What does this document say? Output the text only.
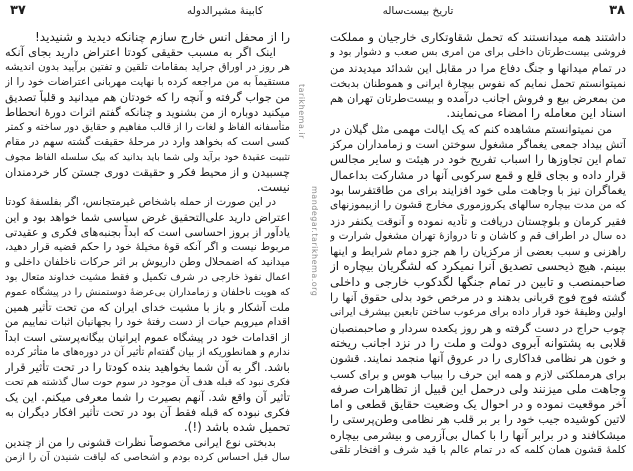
۳۷	کابینهٔ مشیرالدوله
را از محفل انس خارج سازم چنانکه دیدید و شنیدید!
اینک اگر به مسبب حقیقی کودتا اعتراض دارید بجای آنکه
هر روز در اوراق جراید بمقامات تلقین و تفتین برآیید بدون اندیشه
مستقیماً به من مراجعه کرده با نهایت مهربانی اعتراضات خود را از
من جواب گرفته و آنچه را که خودتان هم میدانید و قلباً تصدیق
میکنید دوباره از من بشنوید و چنانکه گفتم اثرات دورهٔ انحطاط
متأسفانه الفاظ و لغات را از قالب مفاهیم و حقایق دور ساخته و کمتر
کسی است که بخواهد وارد در مرحلهٔ حقیقت گشته سهم در مقام
تثبیت عقیدهٔ خود برآید ولی شما باید بدانید که بیک سلسله الفاظ مجوف
چسبیدن و از محیط فکر و حقیقت دوری جستن کار خردمندان
نیست.
در این صورت از حمله باشخاص غیرمتجانس، اگر بفلسفهٔ کودتا
اعتراض دارید علی‌التحقیق غرض سیاسی شما خواهد بود و این
یادآور از بروز احساسی است که ابداً بجنبه‌های فکری و عقیدتی
مربوط نیست و اگر آنکه قوهٔ مخیلهٔ خود را حکم قضیه قرار دهید،
میدانید که اضمحلال وطن داریوش بر اثر حرکات ناخلفان داخلی و
اعمال نفوذ خارجی در شرف تکمیل و فقط مشیت خداوند متعال بود
که هویت ناخلفان و زمامداران بی‌عرضهٔ دوستمنش را در پیشگاه عموم
ملت آشکار و باز با مشیت خدای ایران که من تحت تأثیر همین
اقدام میرویم حیات از دست رفتهٔ خود را بجهانیان اثبات نماییم من
از اقدامات خود در پیشگاه عموم ایرانیان بیگانه‌پرستی است ابداً
ندارم و همانطوریکه از بیان گفته‌ام تأثیر آن در دوره‌های ما متأثر کرده
باشد. اگر به آن شما بخواهید بنده کودتا را در تحت تأثیر قرار
فکری نبود که قبله هدف آن موجود در سوم حوت سال گذشته هم تحت
تأثیر آن واقع شد. آنهم بصیرت را شما معرفی میکنم. این یک
فکری نبوده که قبله فقط آن بود در تحت تأثیر افکار دیگران به
تحمیل شده باشد (!).
بدبختی نوع ایرانی مخصوصاً نظرات قشونی را من از چندین
سال قبل احساس کرده بودم و اشخاصی که لیاقت شنیدن آن را ازمن
tarikhema.ir
mandegar.tarikhema.org
۳۸
تاریخ بیست‌ساله
داشتند همه میدانستند که تحمل شقاوتکاری خارجیان و مملکت
فروشی بیست‌طرتان داخلی برای من امری بس صعب و دشوار بود و
در تمام میدانها و جنگ دفاع مرا در مقابل این شدائد میدیدند من
نمیتوانستم تحمل نمایم که نفوس بیچارهٔ ایرانی و هموطنان بدبخت
من بمعرض بیع و فروش اجانب درآمده و بیست‌طرتان تهران هم
اسناد این معامله را امضاء می‌نمایند.
من نمیتوانستم مشاهده کنم که یک ایالت مهمی مثل گیلان در
آتش بیداد جمعی یغماگر مشغول سوختن است و زمامداران مرکز
تمام این تجاوزها را اسباب تفریح خود در هیئت و سایر مجالس
قرار داده و بجای قلع و قمع سرکوبی آنها در مشارکت بداعمال
یغماگران نیز با وجاهت ملی خود افزایند برای من طاقتفرسا بود
که من مدت بیچاره سالهای یکروزموری مخارج قشون را ازبیموزنهای
فقیر کرمان و بلوچستان دریافت و تأدیه نموده و آنوقت یکنفر دزد
ده سال در اطراف قم و کاشان و تا دروازهٔ تهران مشغول شرارت و
راهزنی و سبب بعضی از مرکزیان را هم جزو دمام شرایط و اینها
ببینم. هیچ ذیحسی تصدیق آنرا نمیکرد که لشگریان بیچاره از
صاحبمنصب و تابین در تمام جنگها لگدکوب خارجی و داخلی
گشته فوج فوج قربانی بدهند و در مرخص خود بدلی حقوق آنها را
اولین وظیفهٔ خود قرار داده برای مرعوب ساختن تابعین بیشرف ایرانی
چوب حراج در دست گرفته و هر روز یکعده سردار و صاحبمنصبان
قلابی به پشتوانه آبروی دولت و ملت را در نزد اجانب ریخته
و خون هر نظامی فداکاری را در عروق آنها منجمد نمایند. قشون
برای هرمملکتی لازم و همه این حرف را ببیاب هوس و برای کسب
وجاهت ملی میزنند ولی درحمل این قبیل از تظاهرات صرفه
آخر موقعیت نموده و در احوال یک وضعیت حقایق قطعی و اما
لاتین کوشیده جیب خود را بر بر قلب هر نظامی وطن‌پرستی را
میشکافند و در برابر آنها را با کمال بی‌آزرمی و بیشرمی بیچاره
کلمهٔ قشون همان کلمه که در تمام عالم با قید شرف و افتخار تلقی
